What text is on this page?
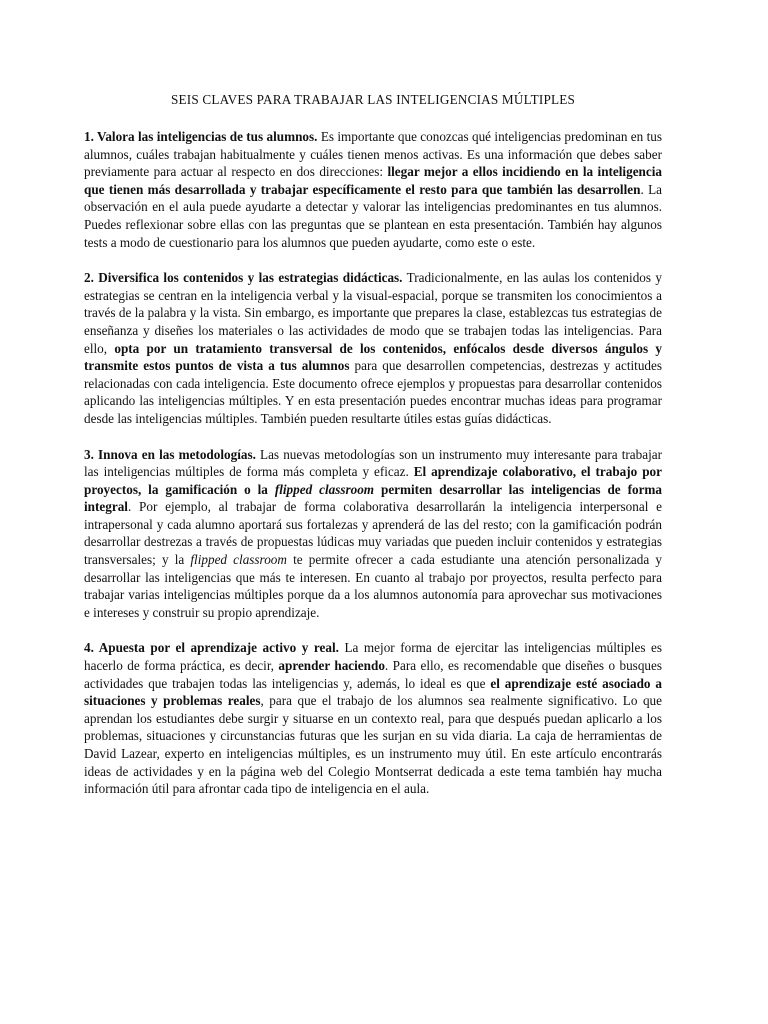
SEIS CLAVES PARA TRABAJAR LAS INTELIGENCIAS MÚLTIPLES

1. Valora las inteligencias de tus alumnos. Es importante que conozcas qué inteligencias predominan en tus alumnos, cuáles trabajan habitualmente y cuáles tienen menos activas. Es una información que debes saber previamente para actuar al respecto en dos direcciones: llegar mejor a ellos incidiendo en la inteligencia que tienen más desarrollada y trabajar específicamente el resto para que también las desarrollen. La observación en el aula puede ayudarte a detectar y valorar las inteligencias predominantes en tus alumnos. Puedes reflexionar sobre ellas con las preguntas que se plantean en esta presentación. También hay algunos tests a modo de cuestionario para los alumnos que pueden ayudarte, como este o este.

2. Diversifica los contenidos y las estrategias didácticas. Tradicionalmente, en las aulas los contenidos y estrategias se centran en la inteligencia verbal y la visual-espacial, porque se transmiten los conocimientos a través de la palabra y la vista. Sin embargo, es importante que prepares la clase, establezcas tus estrategias de enseñanza y diseñes los materiales o las actividades de modo que se trabajen todas las inteligencias. Para ello, opta por un tratamiento transversal de los contenidos, enfócalos desde diversos ángulos y transmite estos puntos de vista a tus alumnos para que desarrollen competencias, destrezas y actitudes relacionadas con cada inteligencia. Este documento ofrece ejemplos y propuestas para desarrollar contenidos aplicando las inteligencias múltiples. Y en esta presentación puedes encontrar muchas ideas para programar desde las inteligencias múltiples. También pueden resultarte útiles estas guías didácticas.

3. Innova en las metodologías. Las nuevas metodologías son un instrumento muy interesante para trabajar las inteligencias múltiples de forma más completa y eficaz. El aprendizaje colaborativo, el trabajo por proyectos, la gamificación o la flipped classroom permiten desarrollar las inteligencias de forma integral. Por ejemplo, al trabajar de forma colaborativa desarrollarán la inteligencia interpersonal e intrapersonal y cada alumno aportará sus fortalezas y aprenderá de las del resto; con la gamificación podrán desarrollar destrezas a través de propuestas lúdicas muy variadas que pueden incluir contenidos y estrategias transversales; y la flipped classroom te permite ofrecer a cada estudiante una atención personalizada y desarrollar las inteligencias que más te interesen. En cuanto al trabajo por proyectos, resulta perfecto para trabajar varias inteligencias múltiples porque da a los alumnos autonomía para aprovechar sus motivaciones e intereses y construir su propio aprendizaje.

4. Apuesta por el aprendizaje activo y real. La mejor forma de ejercitar las inteligencias múltiples es hacerlo de forma práctica, es decir, aprender haciendo. Para ello, es recomendable que diseñes o busques actividades que trabajen todas las inteligencias y, además, lo ideal es que el aprendizaje esté asociado a situaciones y problemas reales, para que el trabajo de los alumnos sea realmente significativo. Lo que aprendan los estudiantes debe surgir y situarse en un contexto real, para que después puedan aplicarlo a los problemas, situaciones y circunstancias futuras que les surjan en su vida diaria. La caja de herramientas de David Lazear, experto en inteligencias múltiples, es un instrumento muy útil. En este artículo encontrarás ideas de actividades y en la página web del Colegio Montserrat dedicada a este tema también hay mucha información útil para afrontar cada tipo de inteligencia en el aula.
